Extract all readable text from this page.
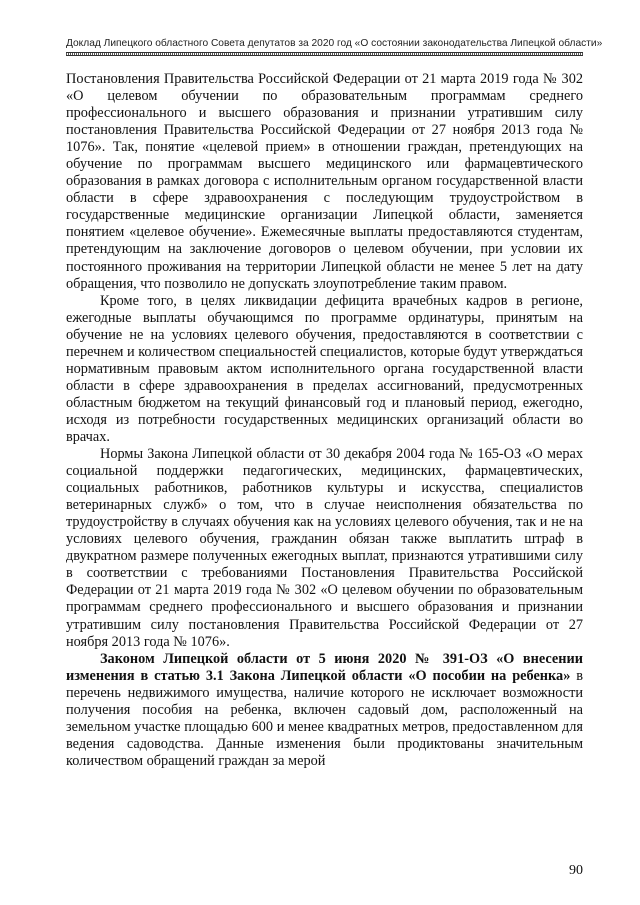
Доклад Липецкого областного Совета депутатов за 2020 год «О состоянии законодательства Липецкой области»

Постановления Правительства Российской Федерации от 21 марта 2019 года № 302 «О целевом обучении по образовательным программам среднего профессионального и высшего образования и признании утратившим силу постановления Правительства Российской Федерации от 27 ноября 2013 года № 1076». Так, понятие «целевой прием» в отношении граждан, претендующих на обучение по программам высшего медицинского или фармацевтического образования в рамках договора с исполнительным органом государственной власти области в сфере здравоохранения с последующим трудоустройством в государственные медицинские организации Липецкой области, заменяется понятием «целевое обучение». Ежемесячные выплаты предоставляются студентам, претендующим на заключение договоров о целевом обучении, при условии их постоянного проживания на территории Липецкой области не менее 5 лет на дату обращения, что позволило не допускать злоупотребление таким правом.

Кроме того, в целях ликвидации дефицита врачебных кадров в регионе, ежегодные выплаты обучающимся по программе ординатуры, принятым на обучение не на условиях целевого обучения, предоставляются в соответствии с перечнем и количеством специальностей специалистов, которые будут утверждаться нормативным правовым актом исполнительного органа государственной власти области в сфере здравоохранения в пределах ассигнований, предусмотренных областным бюджетом на текущий финансовый год и плановый период, ежегодно, исходя из потребности государственных медицинских организаций области во врачах.

Нормы Закона Липецкой области от 30 декабря 2004 года № 165-ОЗ «О мерах социальной поддержки педагогических, медицинских, фармацевтических, социальных работников, работников культуры и искусства, специалистов ветеринарных служб» о том, что в случае неисполнения обязательства по трудоустройству в случаях обучения как на условиях целевого обучения, так и не на условиях целевого обучения, гражданин обязан также выплатить штраф в двукратном размере полученных ежегодных выплат, признаются утратившими силу в соответствии с требованиями Постановления Правительства Российской Федерации от 21 марта 2019 года № 302 «О целевом обучении по образовательным программам среднего профессионального и высшего образования и признании утратившим силу постановления Правительства Российской Федерации от 27 ноября 2013 года № 1076».

Законом Липецкой области от 5 июня 2020 № 391-ОЗ «О внесении изменения в статью 3.1 Закона Липецкой области «О пособии на ребенка» в перечень недвижимого имущества, наличие которого не исключает возможности получения пособия на ребенка, включен садовый дом, расположенный на земельном участке площадью 600 и менее квадратных метров, предоставленном для ведения садоводства. Данные изменения были продиктованы значительным количеством обращений граждан за мерой

90
